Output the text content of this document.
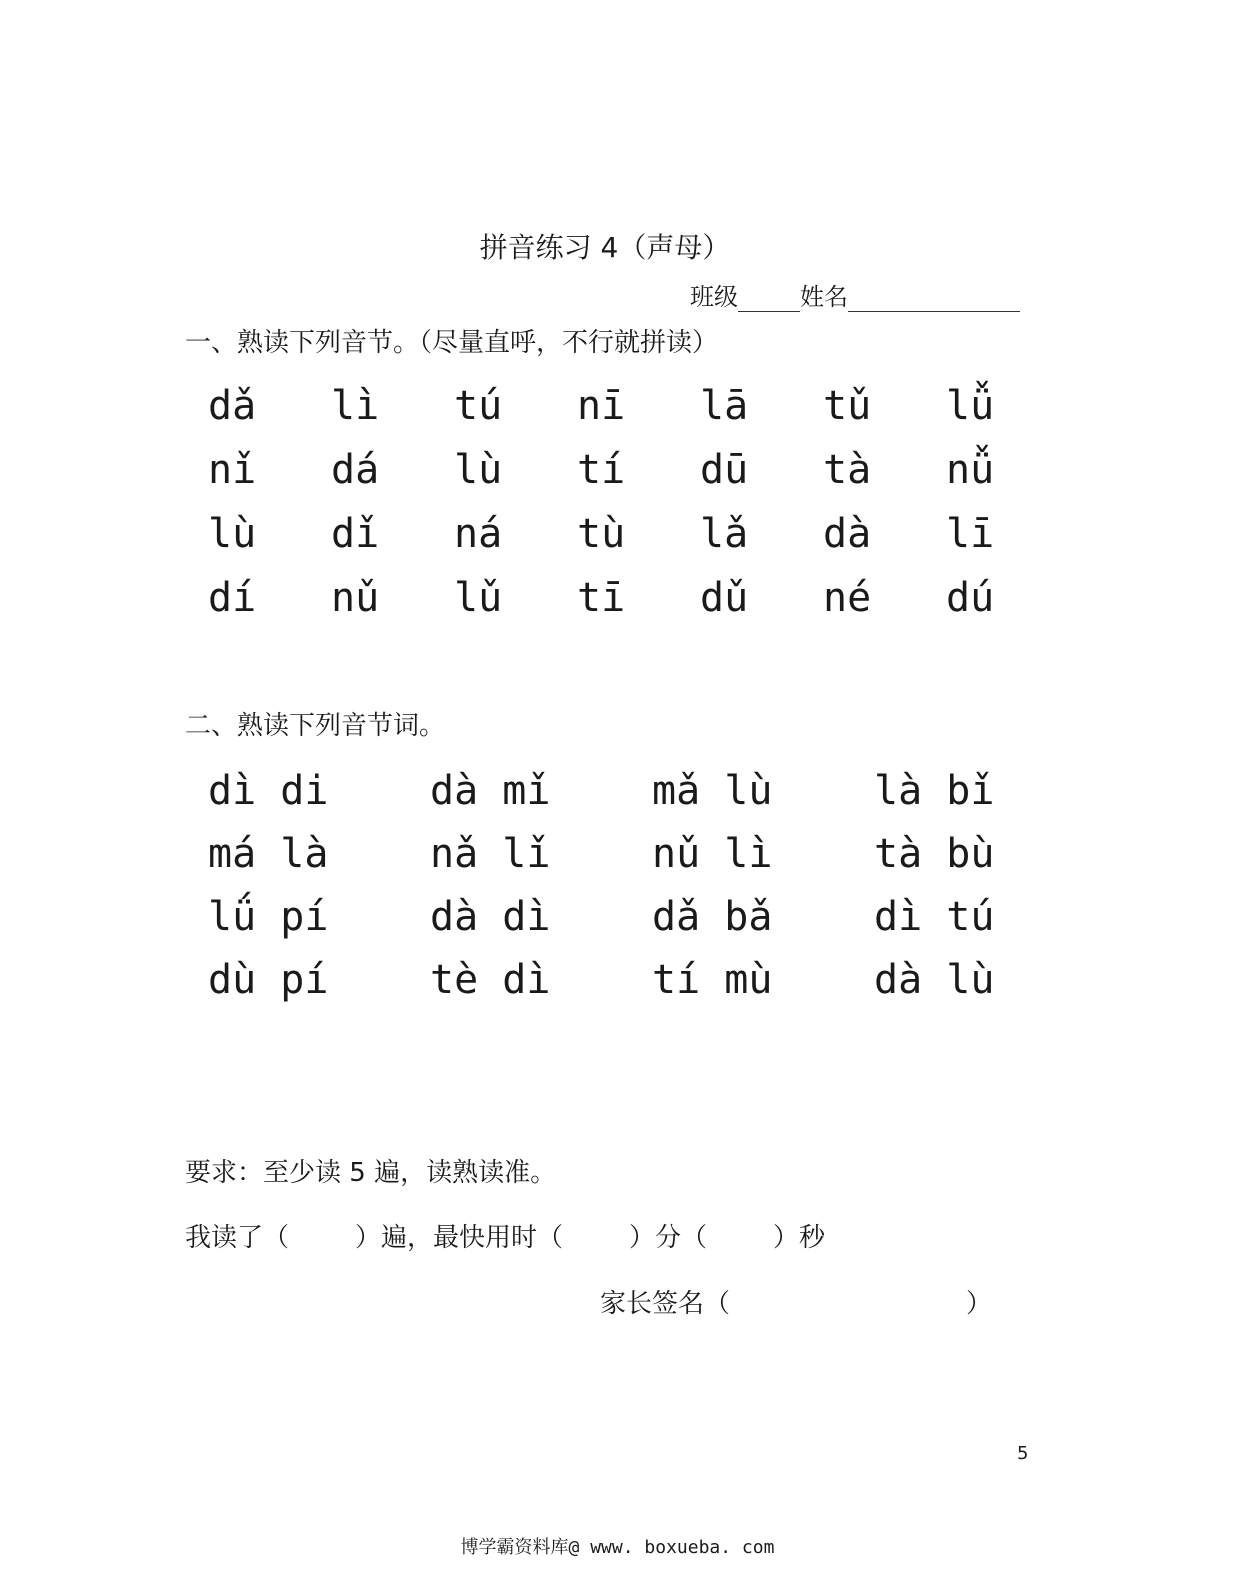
拼音练习 4（声母）
班级	姓名
一、熟读下列音节。（尽量直呼，不行就拼读）
dǎ	lì	tú	nī	lā	tǔ	lǚ
nǐ	dá	lù	tí	dū	tà	nǚ
lù	dǐ	ná	tù	lǎ	dà	lī
dí	nǔ	lǔ	tī	dǔ	né	dú
二、熟读下列音节词。
dì di	dà mǐ	mǎ lù	là bǐ
má là	nǎ lǐ	nǔ lì	tà bù
lǘ pí	dà dì	dǎ bǎ	dì tú
dù pí	tè dì	tí mù	dà lù
要求：至少读 5 遍，读熟读准。
我读了（	）遍，最快用时（	）分（	）秒
家长签名（	）
5
博学霸资料库@ www. boxueba. com
